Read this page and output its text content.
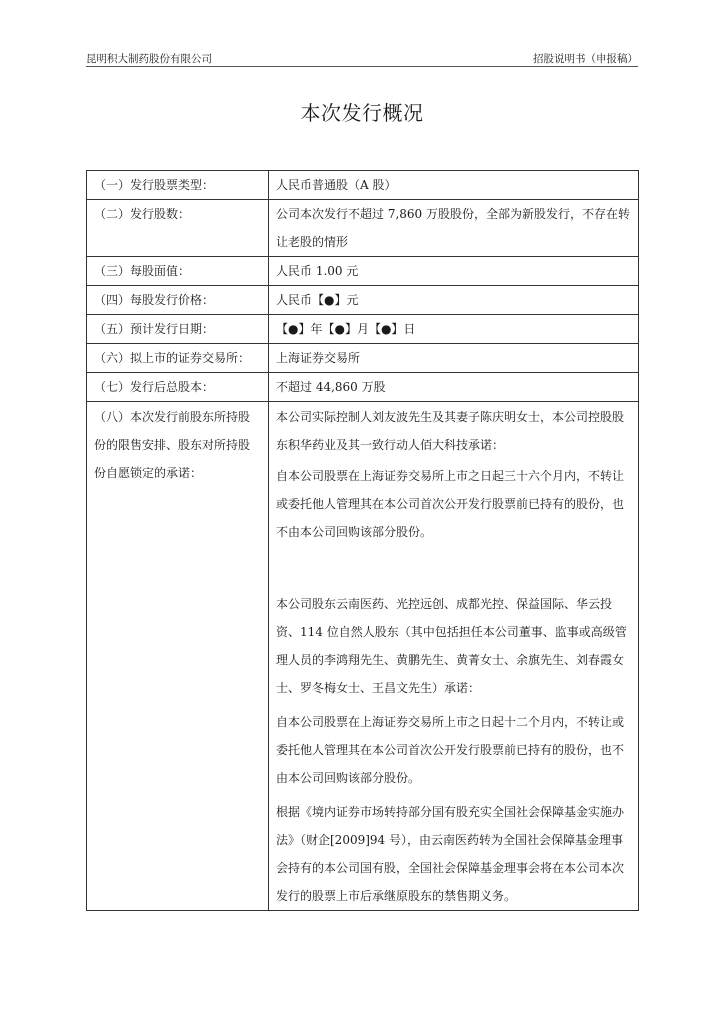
昆明积大制药股份有限公司	招股说明书（申报稿）
本次发行概况
（一）发行股票类型：	人民币普通股（A 股）
（二）发行股数：	公司本次发行不超过 7,860 万股股份，全部为新股发行，不存在转让老股的情形
（三）每股面值：	人民币 1.00 元
（四）每股发行价格：	人民币【●】元
（五）预计发行日期：	【●】年【●】月【●】日
（六）拟上市的证券交易所：	上海证券交易所
（七）发行后总股本：	不超过 44,860 万股
（八）本次发行前股东所持股份的限售安排、股东对所持股份自愿锁定的承诺：	本公司实际控制人刘友波先生及其妻子陈庆明女士，本公司控股股东积华药业及其一致行动人佰大科技承诺：
自本公司股票在上海证券交易所上市之日起三十六个月内，不转让或委托他人管理其在本公司首次公开发行股票前已持有的股份，也不由本公司回购该部分股份。
本公司股东云南医药、光控远创、成都光控、保益国际、华云投资、114 位自然人股东（其中包括担任本公司董事、监事或高级管理人员的李鸿翔先生、黄鹏先生、黄菁女士、余旗先生、刘春霞女士、罗冬梅女士、王昌文先生）承诺：
自本公司股票在上海证券交易所上市之日起十二个月内，不转让或委托他人管理其在本公司首次公开发行股票前已持有的股份，也不由本公司回购该部分股份。
根据《境内证券市场转持部分国有股充实全国社会保障基金实施办法》（财企[2009]94 号），由云南医药转为全国社会保障基金理事会持有的本公司国有股，全国社会保障基金理事会将在本公司本次发行的股票上市后承继原股东的禁售期义务。
